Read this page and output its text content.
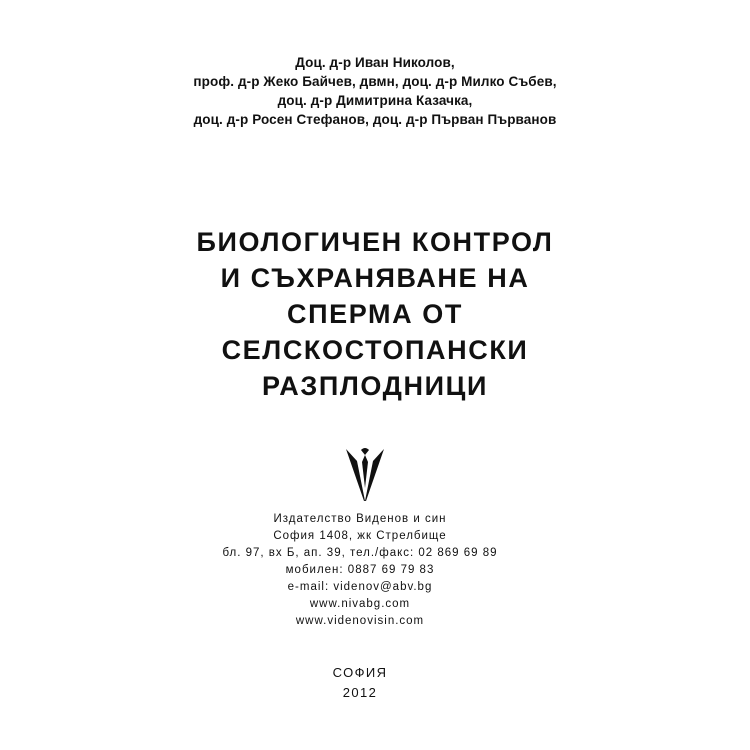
Доц. д-р Иван Николов,
проф. д-р Жеко Байчев, двмн, доц. д-р Милко Събев,
доц. д-р Димитрина Казачка,
доц. д-р Росен Стефанов, доц. д-р Първан Първанов
БИОЛОГИЧЕН КОНТРОЛ
И СЪХРАНЯВАНЕ НА
СПЕРМА ОТ
СЕЛСКОСТОПАНСКИ
РАЗПЛОДНИЦИ
Издателство Виденов и син
София 1408, жк Стрелбище
бл. 97, вх Б, ап. 39, тел./факс: 02 869 69 89
мобилен: 0887 69 79 83
e-mail: videnov@abv.bg
www.nivabg.com
www.videnovisin.com
СОФИЯ
2012
